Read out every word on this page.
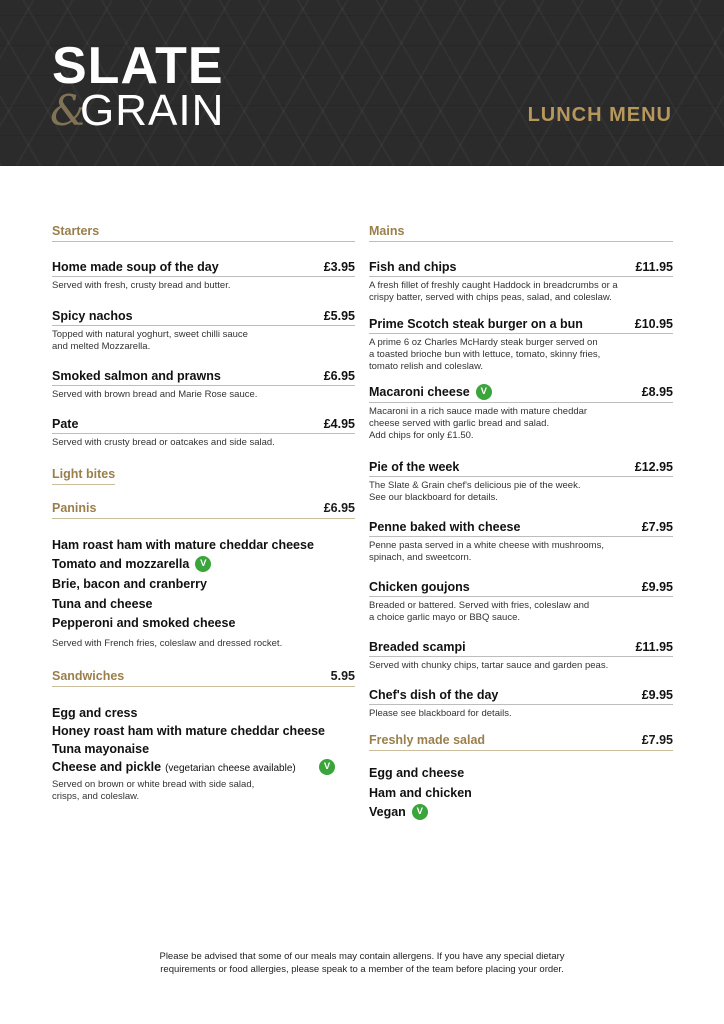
SLATE
&
GRAIN	LUNCH MENU
Starters
Home made soup of the day	£3.95
Served with fresh, crusty bread and butter.
Spicy nachos	£5.95
Topped with natural yoghurt, sweet chilli sauce
and melted Mozzarella.
Smoked salmon and prawns	£6.95
Served with brown bread and Marie Rose sauce.
Pate	£4.95
Served with crusty bread or oatcakes and side salad.
Light bites
Paninis	£6.95
Ham roast ham with mature cheddar cheese
Tomato and mozzarella	V
Brie, bacon and cranberry
Tuna and cheese
Pepperoni and smoked cheese
Served with French fries, coleslaw and dressed rocket.
Sandwiches	5.95
Egg and cress
Honey roast ham with mature cheddar cheese
Tuna mayonaise
Cheese and pickle (vegetarian cheese available)	V
Served on brown or white bread with side salad,
crisps, and coleslaw.
Mains
Fish and chips	£11.95
A fresh fillet of freshly caught Haddock in breadcrumbs or a
crispy batter, served with chips peas, salad, and coleslaw.
Prime Scotch steak burger on a bun	£10.95
A prime 6 oz Charles McHardy steak burger served on
a toasted brioche bun with lettuce, tomato, skinny fries,
tomato relish and coleslaw.
Macaroni cheese	V	£8.95
Macaroni in a rich sauce made with mature cheddar
cheese served with garlic bread and salad.
Add chips for only £1.50.
Pie of the week	£12.95
The Slate & Grain chef's delicious pie of the week.
See our blackboard for details.
Penne baked with cheese	£7.95
Penne pasta served in a white cheese with mushrooms,
spinach, and sweetcorn.
Chicken goujons	£9.95
Breaded or battered. Served with fries, coleslaw and
a choice garlic mayo or BBQ sauce.
Breaded scampi	£11.95
Served with chunky chips, tartar sauce and garden peas.
Chef's dish of the day	£9.95
Please see blackboard for details.
Freshly made salad	£7.95
Egg and cheese
Ham and chicken
Vegan	V
Please be advised that some of our meals may contain allergens. If you have any special dietary
requirements or food allergies, please speak to a member of the team before placing your order.
